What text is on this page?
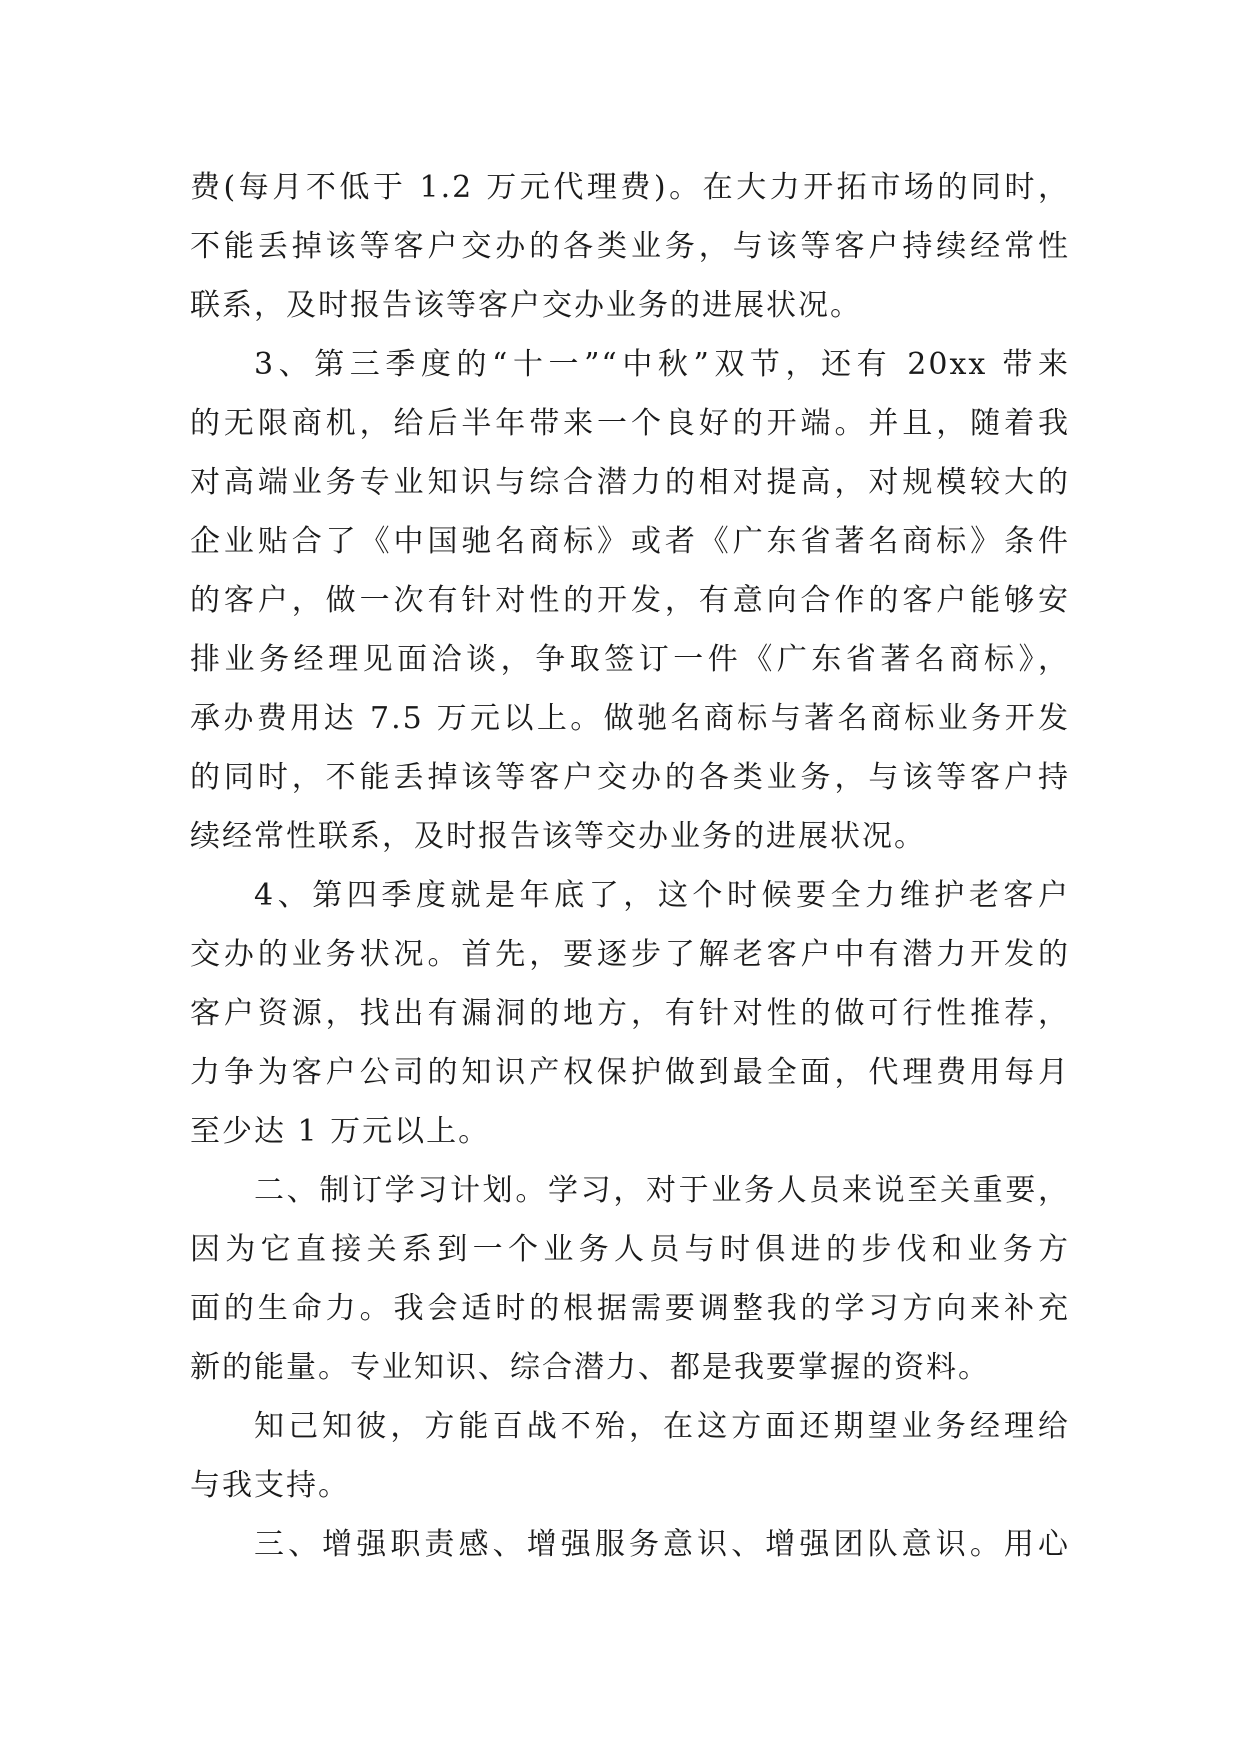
费(每月不低于 1.2 万元代理费)。在大力开拓市场的同时，
不能丢掉该等客户交办的各类业务，与该等客户持续经常性
联系，及时报告该等客户交办业务的进展状况。
3、第三季度的“十一”“中秋”双节，还有 20xx 带来
的无限商机，给后半年带来一个良好的开端。并且，随着我
对高端业务专业知识与综合潜力的相对提高，对规模较大的
企业贴合了《中国驰名商标》或者《广东省著名商标》条件
的客户，做一次有针对性的开发，有意向合作的客户能够安
排业务经理见面洽谈，争取签订一件《广东省著名商标》，
承办费用达 7.5 万元以上。做驰名商标与著名商标业务开发
的同时，不能丢掉该等客户交办的各类业务，与该等客户持
续经常性联系，及时报告该等交办业务的进展状况。
4、第四季度就是年底了，这个时候要全力维护老客户
交办的业务状况。首先，要逐步了解老客户中有潜力开发的
客户资源，找出有漏洞的地方，有针对性的做可行性推荐，
力争为客户公司的知识产权保护做到最全面，代理费用每月
至少达 1 万元以上。
二、制订学习计划。学习，对于业务人员来说至关重要，
因为它直接关系到一个业务人员与时俱进的步伐和业务方
面的生命力。我会适时的根据需要调整我的学习方向来补充
新的能量。专业知识、综合潜力、都是我要掌握的资料。
知己知彼，方能百战不殆，在这方面还期望业务经理给
与我支持。
三、增强职责感、增强服务意识、增强团队意识。用心
